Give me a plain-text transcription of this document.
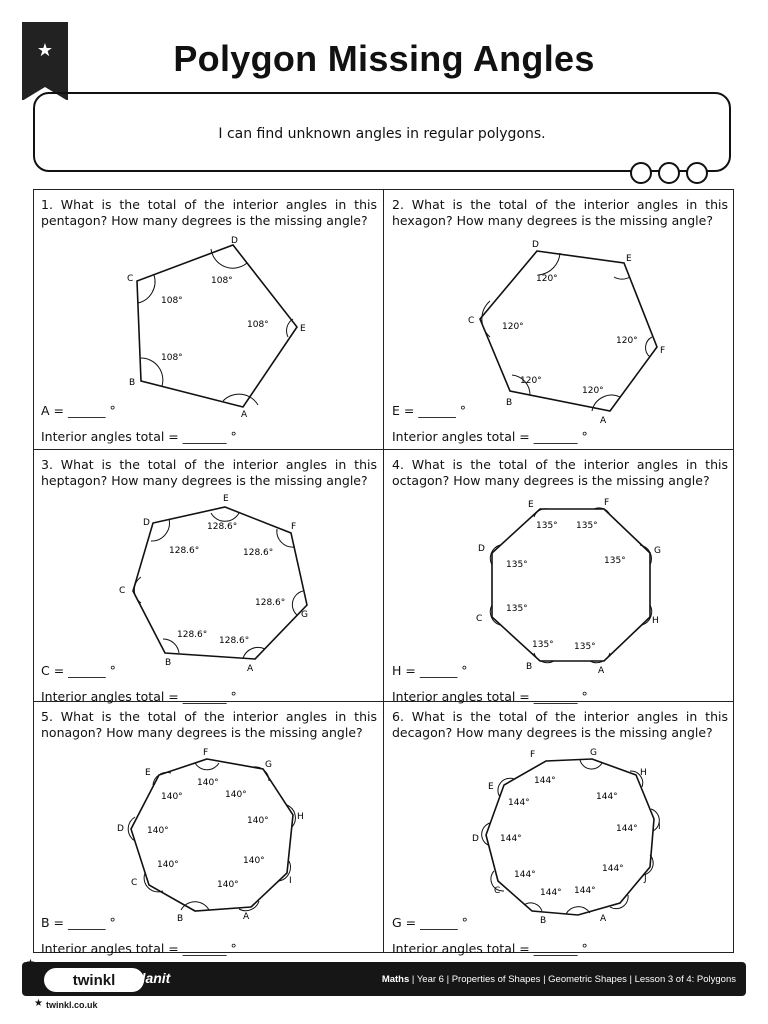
★	Polygon Missing Angles
I can find unknown angles in regular polygons.
1. What is the total of the interior angles in this pentagon? How many degrees is the missing angle?
D
E
A
B
C	108°
108°
108°
108°
A = ______ °
Interior angles total = _______ °
2. What is the total of the interior angles in this hexagon? How many degrees is the missing angle?
D
E
F
A
B
C
120°
120°
120°
120°
120°
E = ______ °
Interior angles total = _______ °
3. What is the total of the interior angles in this heptagon? How many degrees is the missing angle?
E
F
G
A
B
C
D	128.6°
128.6°
128.6°
128.6°
128.6°
128.6°
C = ______ °
Interior angles total = _______ °
4. What is the total of the interior angles in this octagon? How many degrees is the missing angle?
E	F
G
H
A
B
C
D
135° 135°
135°
135°
135°
135°
135°
H = ______ °
Interior angles total = _______ °
5. What is the total of the interior angles in this nonagon? How many degrees is the missing angle?
F
G
H
I
A
B
C
D
E
140°
140°
140°
140°
140°
140°
140°
140°
B = ______ °
Interior angles total = _______ °
6. What is the total of the interior angles in this decagon? How many degrees is the missing angle?
G
H
I
J
A
B
C
D
E
F
144°
144°
144°
144°
144°
144°
144°
144°
144°
G = ______ °
Interior angles total = _______ °
twinkl
★
★
planit
twinkl.co.uk
Maths | Year 6 | Properties of Shapes | Geometric Shapes | Lesson 3 of 4: Polygons
